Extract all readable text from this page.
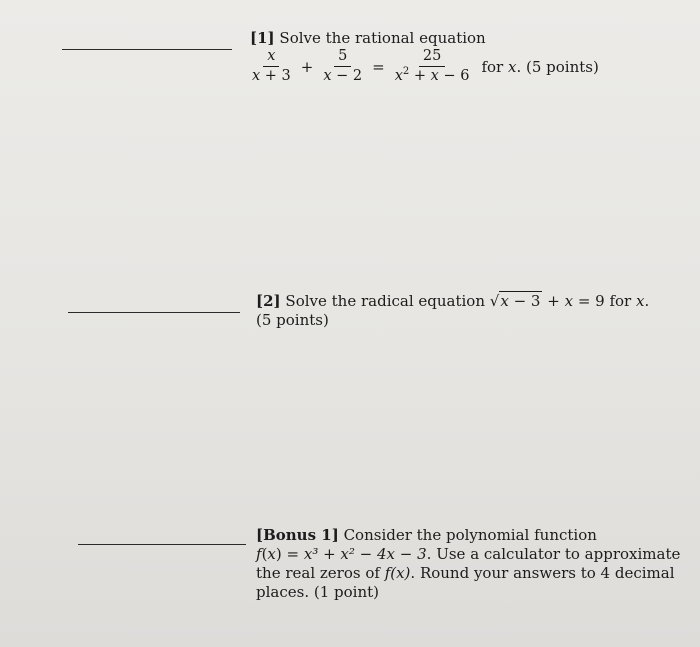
[1] Solve the rational equation
$\frac{x}{x + 3} + \frac{5}{x - 2} = \frac{25}{x^2 + x - 6}$ for x. (5 points)
[2] Solve the radical equation √x − 3 + x = 9 for x.
(5 points)
[Bonus 1] Consider the polynomial function
f(x) = x³ + x² − 4x − 3. Use a calculator to approximate
the real zeros of f(x). Round your answers to 4 decimal
places. (1 point)
